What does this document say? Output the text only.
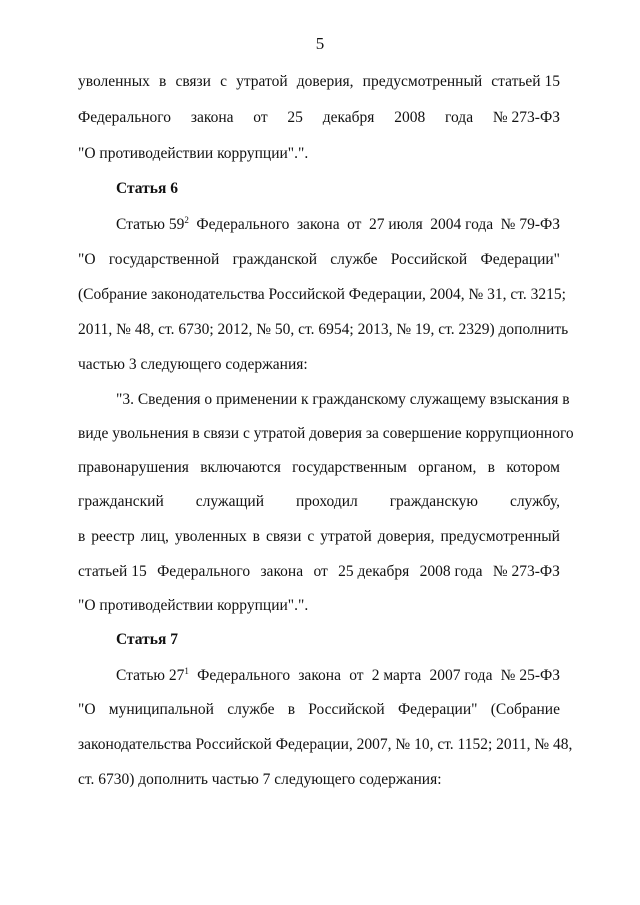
5
уволенных в связи с утратой доверия, предусмотренный статьей 15
Федерального закона от 25 декабря 2008 года № 273-ФЗ
"О противодействии коррупции".".
Статья 6
Статью $59^2$ Федерального закона от 27 июля 2004 года № 79-ФЗ
"О государственной гражданской службе Российской Федерации"
(Собрание законодательства Российской Федерации, 2004, № 31, ст. 3215;
2011, № 48, ст. 6730; 2012, № 50, ст. 6954; 2013, № 19, ст. 2329) дополнить
частью 3 следующего содержания:
"3. Сведения о применении к гражданскому служащему взыскания в
виде увольнения в связи с утратой доверия за совершение коррупционного
правонарушения включаются государственным органом, в котором
гражданский служащий проходил гражданскую службу,
в реестр лиц, уволенных в связи с утратой доверия, предусмотренный
статьей 15 Федерального закона от 25 декабря 2008 года № 273-ФЗ
"О противодействии коррупции".".
Статья 7
Статью $27^1$ Федерального закона от 2 марта 2007 года № 25-ФЗ
"О муниципальной службе в Российской Федерации" (Собрание
законодательства Российской Федерации, 2007, № 10, ст. 1152; 2011, № 48,
ст. 6730) дополнить частью 7 следующего содержания:
